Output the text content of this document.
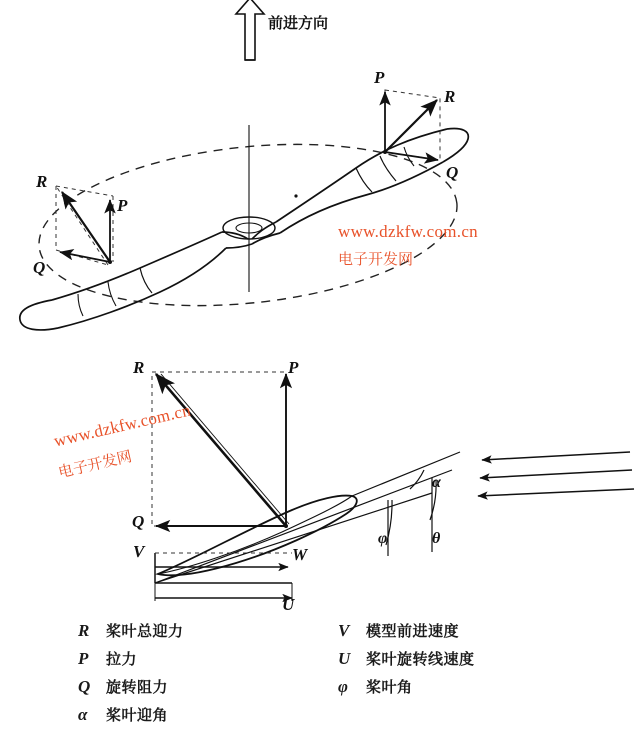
前进方向
P
R
Q
R
P
Q
R	P
Q
V	W
U
α
φ	θ
www.dzkfw.com.cn
电子开发网
www.dzkfw.com.cn
电子开发网
R	桨叶总迎力
P	拉力
Q	旋转阻力
α	桨叶迎角
V	模型前进速度
U	桨叶旋转线速度
φ	桨叶角
